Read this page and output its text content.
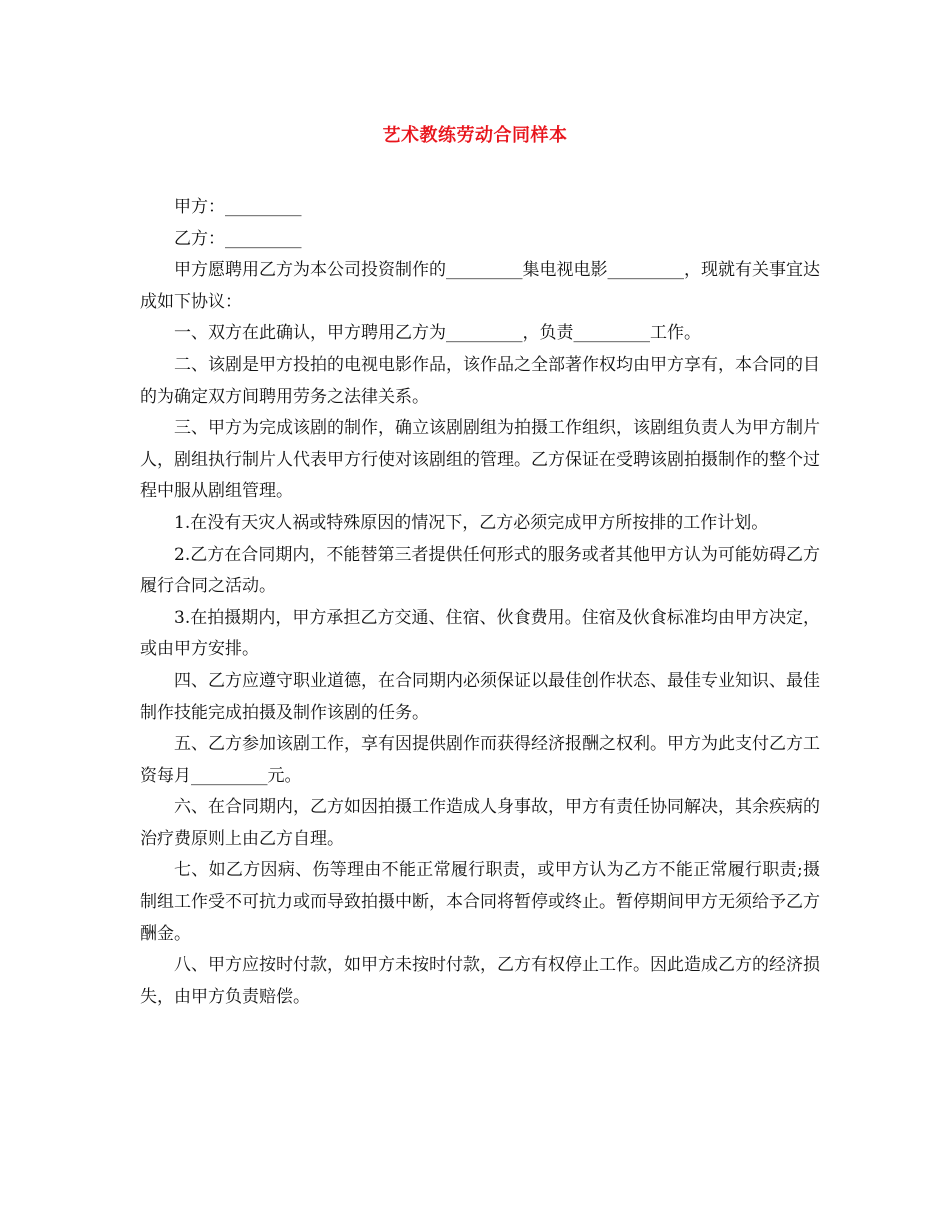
艺术教练劳动合同样本

甲方：_________

乙方：_________

甲方愿聘用乙方为本公司投资制作的_________集电视电影_________，现就有关事宜达成如下协议：

一、双方在此确认，甲方聘用乙方为_________，负责_________工作。

二、该剧是甲方投拍的电视电影作品，该作品之全部著作权均由甲方享有，本合同的目的为确定双方间聘用劳务之法律关系。

三、甲方为完成该剧的制作，确立该剧剧组为拍摄工作组织，该剧组负责人为甲方制片人，剧组执行制片人代表甲方行使对该剧组的管理。乙方保证在受聘该剧拍摄制作的整个过程中服从剧组管理。

1.在没有天灾人祸或特殊原因的情况下，乙方必须完成甲方所按排的工作计划。

2.乙方在合同期内，不能替第三者提供任何形式的服务或者其他甲方认为可能妨碍乙方履行合同之活动。

3.在拍摄期内，甲方承担乙方交通、住宿、伙食费用。住宿及伙食标准均由甲方决定，或由甲方安排。

四、乙方应遵守职业道德，在合同期内必须保证以最佳创作状态、最佳专业知识、最佳制作技能完成拍摄及制作该剧的任务。

五、乙方参加该剧工作，享有因提供剧作而获得经济报酬之权利。甲方为此支付乙方工资每月_________元。

六、在合同期内，乙方如因拍摄工作造成人身事故，甲方有责任协同解决，其余疾病的治疗费原则上由乙方自理。

七、如乙方因病、伤等理由不能正常履行职责，或甲方认为乙方不能正常履行职责;摄制组工作受不可抗力或而导致拍摄中断，本合同将暂停或终止。暂停期间甲方无须给予乙方酬金。

八、甲方应按时付款，如甲方未按时付款，乙方有权停止工作。因此造成乙方的经济损失，由甲方负责赔偿。
